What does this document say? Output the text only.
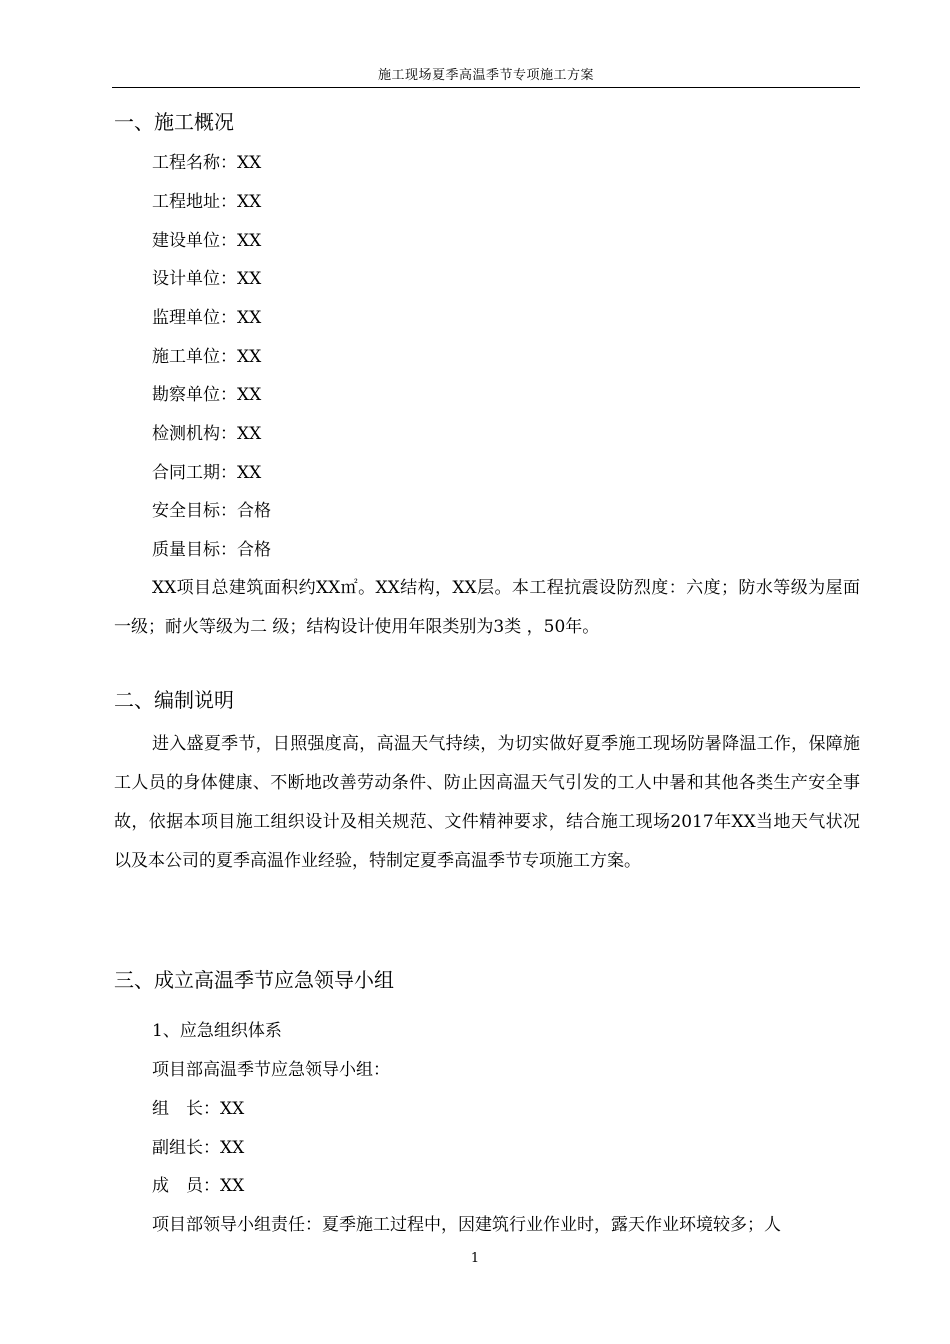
施工现场夏季高温季节专项施工方案
一、施工概况
工程名称：XX
工程地址：XX
建设单位：XX
设计单位：XX
监理单位：XX
施工单位：XX
勘察单位：XX
检测机构：XX
合同工期：XX
安全目标：合格
质量目标：合格
XX项目总建筑面积约XX㎡。XX结构，XX层。本工程抗震设防烈度：六度；防水等级为屋面一级；耐火等级为二 级；结构设计使用年限类别为3类 ，50年。
二、编制说明
进入盛夏季节，日照强度高，高温天气持续，为切实做好夏季施工现场防暑降温工作，保障施工人员的身体健康、不断地改善劳动条件、防止因高温天气引发的工人中暑和其他各类生产安全事故，依据本项目施工组织设计及相关规范、文件精神要求，结合施工现场2017年XX当地天气状况以及本公司的夏季高温作业经验，特制定夏季高温季节专项施工方案。
三、成立高温季节应急领导小组
1、应急组织体系
项目部高温季节应急领导小组：
组　长：XX
副组长：XX
成　员：XX
项目部领导小组责任：夏季施工过程中，因建筑行业作业时，露天作业环境较多；人
1
